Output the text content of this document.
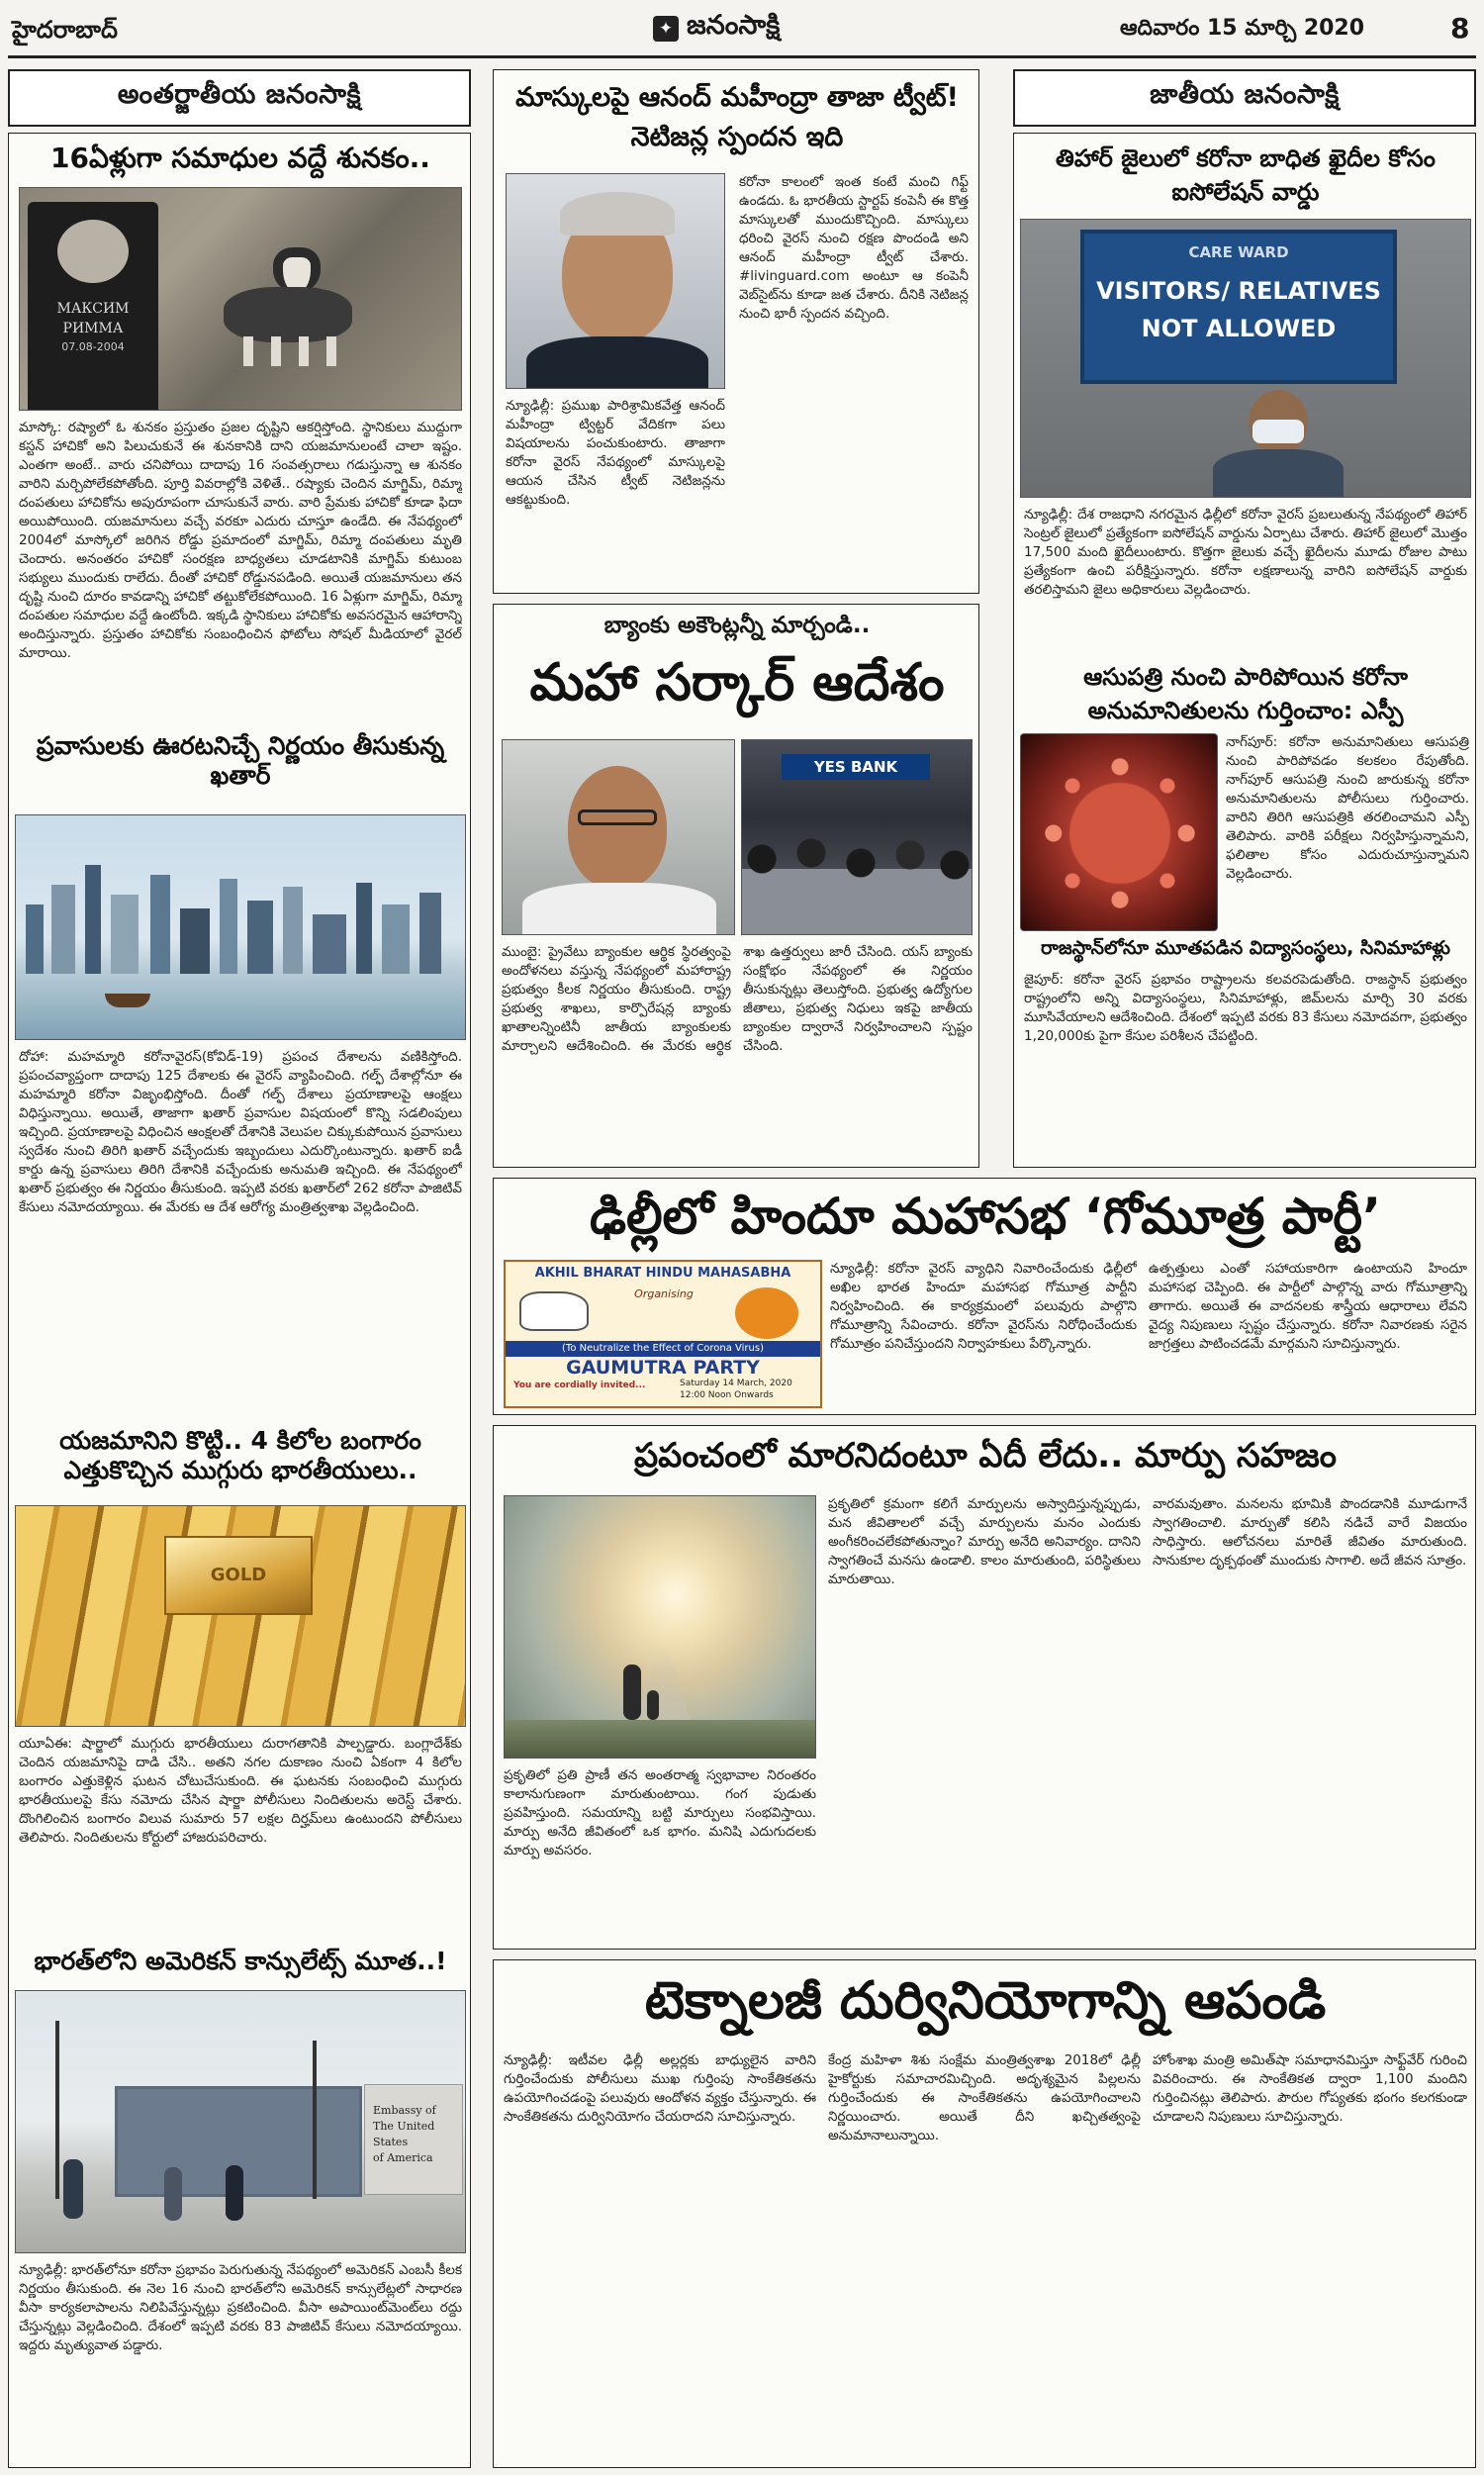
హైదరాబాద్	✦ జనంసాక్షి	ఆదివారం 15 మార్చి 2020	8
అంతర్జాతీయ జనంసాక్షి
16ఏళ్లుగా సమాధుల వద్దే శునకం..
МАКСИМ
РИММА
07.08-2004
మాస్కో: రష్యాలో ఓ శునకం ప్రస్తుతం ప్రజల దృష్టిని ఆకర్షిస్తోంది. స్థానికులు ముద్దుగా కస్టన్ హాచికో అని పిలుచుకునే ఈ శునకానికి దాని యజమానులంటే చాలా ఇష్టం. ఎంతగా అంటే.. వారు చనిపోయి దాదాపు 16 సంవత్సరాలు గడుస్తున్నా ఆ శునకం వారిని మర్చిపోలేకపోతోంది. పూర్తి వివరాల్లోకి వెళితే.. రష్యాకు చెందిన మాగ్జిమ్, రిమ్మా దంపతులు హాచికోను అపురూపంగా చూసుకునే వారు. వారి ప్రేమకు హాచికో కూడా ఫిదా అయిపోయింది. యజమానులు వచ్చే వరకూ ఎదురు చూస్తూ ఉండేది. ఈ నేపథ్యంలో 2004లో మాస్కోలో జరిగిన రోడ్డు ప్రమాదంలో మాగ్జిమ్, రిమ్మా దంపతులు మృతి చెందారు. అనంతరం హాచికో సంరక్షణ బాధ్యతలు చూడటానికి మాగ్జిమ్ కుటుంబ సభ్యులు ముందుకు రాలేదు. దీంతో హాచికో రోడ్డునపడింది. అయితే యజమానులు తన దృష్టి నుంచి దూరం కావడాన్ని హాచికో తట్టుకోలేకపోయింది. 16 ఏళ్లుగా మాగ్జిమ్, రిమ్మా దంపతుల సమాధుల వద్దే ఉంటోంది. ఇక్కడి స్థానికులు హాచికోకు అవసరమైన ఆహారాన్ని అందిస్తున్నారు. ప్రస్తుతం హాచికోకు సంబంధించిన ఫోటోలు సోషల్ మీడియాలో వైరల్ మారాయి.
ప్రవాసులకు ఊరటనిచ్చే నిర్ణయం తీసుకున్న ఖతార్
దోహా: మహమ్మారి కరోనావైరస్(కోవిడ్-19) ప్రపంచ దేశాలను వణికిస్తోంది. ప్రపంచవ్యాప్తంగా దాదాపు 125 దేశాలకు ఈ వైరస్ వ్యాపించింది. గల్ఫ్ దేశాల్లోనూ ఈ మహమ్మారి కరోనా విజృంభిస్తోంది. దీంతో గల్ఫ్ దేశాలు ప్రయాణాలపై ఆంక్షలు విధిస్తున్నాయి. అయితే, తాజాగా ఖతార్ ప్రవాసుల విషయంలో కొన్ని సడలింపులు ఇచ్చింది. ప్రయాణాలపై విధించిన ఆంక్షలతో దేశానికి వెలుపల చిక్కుకుపోయిన ప్రవాసులు స్వదేశం నుంచి తిరిగి ఖతార్ వచ్చేందుకు ఇబ్బందులు ఎదుర్కొంటున్నారు. ఖతార్ ఐడీ కార్డు ఉన్న ప్రవాసులు తిరిగి దేశానికి వచ్చేందుకు అనుమతి ఇచ్చింది. ఈ నేపథ్యంలో ఖతార్ ప్రభుత్వం ఈ నిర్ణయం తీసుకుంది. ఇప్పటి వరకు ఖతార్‌లో 262 కరోనా పాజిటివ్ కేసులు నమోదయ్యాయి. ఈ మేరకు ఆ దేశ ఆరోగ్య మంత్రిత్వశాఖ వెల్లడించింది.
యజమానిని కొట్టి.. 4 కిలోల బంగారం ఎత్తుకొచ్చిన ముగ్గురు భారతీయులు..
GOLD
యూఏఈ: షార్జాలో ముగ్గురు భారతీయులు దురాగతానికి పాల్పడ్డారు. బంగ్లాదేశ్‌కు చెందిన యజమానిపై దాడి చేసి.. అతని నగల దుకాణం నుంచి ఏకంగా 4 కిలోల బంగారం ఎత్తుకెళ్లిన ఘటన చోటుచేసుకుంది. ఈ ఘటనకు సంబంధించి ముగ్గురు భారతీయులపై కేసు నమోదు చేసిన షార్జా పోలీసులు నిందితులను అరెస్ట్ చేశారు. దొంగిలించిన బంగారం విలువ సుమారు 57 లక్షల దిర్హమ్‌లు ఉంటుందని పోలీసులు తెలిపారు. నిందితులను కోర్టులో హాజరుపరిచారు.
భారత్‌లోని అమెరికన్ కాన్సులేట్స్ మూత..!
Embassy of
The United States
of America
న్యూఢిల్లీ: భారత్‌లోనూ కరోనా ప్రభావం పెరుగుతున్న నేపథ్యంలో అమెరికన్ ఎంబసీ కీలక నిర్ణయం తీసుకుంది. ఈ నెల 16 నుంచి భారత్‌లోని అమెరికన్ కాన్సులేట్లలో సాధారణ వీసా కార్యకలాపాలను నిలిపివేస్తున్నట్లు ప్రకటించింది. వీసా అపాయింట్‌మెంట్‌లు రద్దు చేస్తున్నట్లు వెల్లడించింది. దేశంలో ఇప్పటి వరకు 83 పాజిటివ్ కేసులు నమోదయ్యాయి. ఇద్దరు మృత్యువాత పడ్డారు.
మాస్కులపై ఆనంద్ మహీంద్రా తాజా ట్వీట్! నెటిజన్ల స్పందన ఇది
న్యూఢిల్లీ: ప్రముఖ పారిశ్రామికవేత్త ఆనంద్ మహీంద్రా ట్విట్టర్ వేదికగా పలు విషయాలను పంచుకుంటారు. తాజాగా కరోనా వైరస్ నేపథ్యంలో మాస్కులపై ఆయన చేసిన ట్వీట్ నెటిజన్లను ఆకట్టుకుంది.
కరోనా కాలంలో ఇంత కంటే మంచి గిఫ్ట్ ఉండదు. ఓ భారతీయ స్టార్టప్ కంపెనీ ఈ కొత్త మాస్కులతో ముందుకొచ్చింది. మాస్కులు ధరించి వైరస్ నుంచి రక్షణ పొందండి అని ఆనంద్ మహీంద్రా ట్వీట్ చేశారు. #livinguard.com అంటూ ఆ కంపెనీ వెబ్‌సైట్‌ను కూడా జత చేశారు. దీనికి నెటిజన్ల నుంచి భారీ స్పందన వచ్చింది.
బ్యాంకు అకౌంట్లన్నీ మార్చండి..
మహా సర్కార్ ఆదేశం
YES BANK
ముంబై: ప్రైవేటు బ్యాంకుల ఆర్థిక స్థిరత్వంపై అందోళనలు వస్తున్న నేపథ్యంలో మహారాష్ట్ర ప్రభుత్వం కీలక నిర్ణయం తీసుకుంది. రాష్ట్ర ప్రభుత్వ శాఖలు, కార్పొరేషన్ల బ్యాంకు ఖాతాలన్నింటినీ జాతీయ బ్యాంకులకు మార్చాలని ఆదేశించింది. ఈ మేరకు ఆర్థిక శాఖ ఉత్తర్వులు జారీ చేసింది. యస్ బ్యాంకు సంక్షోభం నేపథ్యంలో ఈ నిర్ణయం తీసుకున్నట్లు తెలుస్తోంది. ప్రభుత్వ ఉద్యోగుల జీతాలు, ప్రభుత్వ నిధులు ఇకపై జాతీయ బ్యాంకుల ద్వారానే నిర్వహించాలని స్పష్టం చేసింది.
జాతీయ జనంసాక్షి
తిహార్ జైలులో కరోనా బాధిత ఖైదీల కోసం ఐసోలేషన్ వార్డు
CARE WARD
VISITORS/ RELATIVES
NOT ALLOWED
న్యూఢిల్లీ: దేశ రాజధాని నగరమైన ఢిల్లీలో కరోనా వైరస్ ప్రబలుతున్న నేపథ్యంలో తిహార్ సెంట్రల్ జైలులో ప్రత్యేకంగా ఐసోలేషన్ వార్డును ఏర్పాటు చేశారు. తిహార్ జైలులో మొత్తం 17,500 మంది ఖైదీలుంటారు. కొత్తగా జైలుకు వచ్చే ఖైదీలను మూడు రోజుల పాటు ప్రత్యేకంగా ఉంచి పరీక్షిస్తున్నారు. కరోనా లక్షణాలున్న వారిని ఐసోలేషన్ వార్డుకు తరలిస్తామని జైలు అధికారులు వెల్లడించారు.
ఆసుపత్రి నుంచి పారిపోయిన కరోనా అనుమానితులను గుర్తించాం: ఎస్పీ
నాగ్‌పూర్: కరోనా అనుమానితులు ఆసుపత్రి నుంచి పారిపోవడం కలకలం రేపుతోంది. నాగ్‌పూర్ ఆసుపత్రి నుంచి జారుకున్న కరోనా అనుమానితులను పోలీసులు గుర్తించారు. వారిని తిరిగి ఆసుపత్రికి తరలించామని ఎస్పీ తెలిపారు. వారికి పరీక్షలు నిర్వహిస్తున్నామని, ఫలితాల కోసం ఎదురుచూస్తున్నామని వెల్లడించారు.
రాజస్థాన్‌లోనూ మూతపడిన విద్యాసంస్థలు, సినిమాహాళ్లు
జైపూర్: కరోనా వైరస్ ప్రభావం రాష్ట్రాలను కలవరపెడుతోంది. రాజస్థాన్ ప్రభుత్వం రాష్ట్రంలోని అన్ని విద్యాసంస్థలు, సినిమాహాళ్లు, జిమ్‌లను మార్చి 30 వరకు మూసివేయాలని ఆదేశించింది. దేశంలో ఇప్పటి వరకు 83 కేసులు నమోదవగా, ప్రభుత్వం 1,20,000కు పైగా కేసుల పరిశీలన చేపట్టింది.
ఢిల్లీలో హిందూ మహాసభ ‘గోమూత్ర పార్టీ’
AKHIL BHARAT HINDU MAHASABHA
Organising
(To Neutralize the Effect of Corona Virus)
GAUMUTRA PARTY
You are cordially invited...	Saturday 14 March, 2020
12:00 Noon Onwards
న్యూఢిల్లీ: కరోనా వైరస్ వ్యాధిని నివారించేందుకు ఢిల్లీలో అఖిల భారత హిందూ మహాసభ గోమూత్ర పార్టీని నిర్వహించింది. ఈ కార్యక్రమంలో పలువురు పాల్గొని గోమూత్రాన్ని సేవించారు. కరోనా వైరస్‌ను నిరోధించేందుకు గోమూత్రం పనిచేస్తుందని నిర్వాహకులు పేర్కొన్నారు.
ఉత్పత్తులు ఎంతో సహాయకారిగా ఉంటాయని హిందూ మహాసభ చెప్పింది. ఈ పార్టీలో పాల్గొన్న వారు గోమూత్రాన్ని తాగారు. అయితే ఈ వాదనలకు శాస్త్రీయ ఆధారాలు లేవని వైద్య నిపుణులు స్పష్టం చేస్తున్నారు. కరోనా నివారణకు సరైన జాగ్రత్తలు పాటించడమే మార్గమని సూచిస్తున్నారు.
ప్రపంచంలో మారనిదంటూ ఏదీ లేదు.. మార్పు సహజం
ప్రకృతిలో ప్రతి ప్రాణీ తన అంతరాత్మ స్వభావాల నిరంతరం కాలానుగుణంగా మారుతుంటాయి. గంగ పుడుతు ప్రవహిస్తుంది. సమయాన్ని బట్టి మార్పులు సంభవిస్తాయి. మార్పు అనేది జీవితంలో ఒక భాగం. మనిషి ఎదుగుదలకు మార్పు అవసరం.
ప్రకృతిలో క్రమంగా కలిగే మార్పులను అస్వాదిస్తున్నప్పుడు, మన జీవితాలలో వచ్చే మార్పులను మనం ఎందుకు అంగీకరించలేకపోతున్నాం? మార్పు అనేది అనివార్యం. దానిని స్వాగతించే మనసు ఉండాలి. కాలం మారుతుంది, పరిస్థితులు మారుతాయి.
వారమవుతాం. మనలను భూమికి పొందడానికి మూడుగానే స్వాగతించాలి. మార్పుతో కలిసి నడిచే వారే విజయం సాధిస్తారు. ఆలోచనలు మారితే జీవితం మారుతుంది. సానుకూల దృక్పథంతో ముందుకు సాగాలి. అదే జీవన సూత్రం.
టెక్నాలజీ దుర్వినియోగాన్ని ఆపండి
న్యూఢిల్లీ: ఇటీవల ఢిల్లీ అల్లర్లకు బాధ్యులైన వారిని గుర్తించేందుకు పోలీసులు ముఖ గుర్తింపు సాంకేతికతను ఉపయోగించడంపై పలువురు ఆందోళన వ్యక్తం చేస్తున్నారు. ఈ సాంకేతికతను దుర్వినియోగం చేయరాదని సూచిస్తున్నారు.
కేంద్ర మహిళా శిశు సంక్షేమ మంత్రిత్వశాఖ 2018లో ఢిల్లీ హైకోర్టుకు సమాచారమిచ్చింది. అదృశ్యమైన పిల్లలను గుర్తించేందుకు ఈ సాంకేతికతను ఉపయోగించాలని నిర్ణయించారు. అయితే దీని ఖచ్చితత్వంపై అనుమానాలున్నాయి.
హోంశాఖ మంత్రి అమిత్‌షా సమాధానమిస్తూ సాఫ్ట్‌వేర్ గురించి వివరించారు. ఈ సాంకేతికత ద్వారా 1,100 మందిని గుర్తించినట్లు తెలిపారు. పౌరుల గోప్యతకు భంగం కలగకుండా చూడాలని నిపుణులు సూచిస్తున్నారు.
